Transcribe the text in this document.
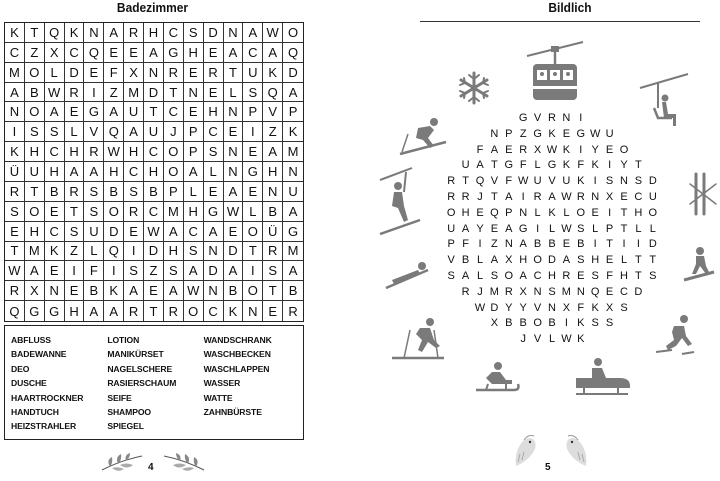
Badezimmer
K T Q K N A R H C S D N A W O
C Z X C Q E E A G H E A C A Q
M O L D E F X N R E R T U K D
A B W R	I	Z M D T N E L S Q A
N O A E G A U T C E H N P V P
I	S S L V Q A U J P C E	I	Z K
K H C H R W H C O P S N E A M
Ü U H A A H C H O A L N G H N
R T B R S B S B P L E A E N U
S O E T S O R C M H G W L B A
E H C S U D E W A C A E O Ü G
T M K Z L Q	I	D H S N D T R M
W A E	I	F	I	S Z S A D A	I	S A
R X N E B K A E A W N B O T B
Q G G H A A R T R O C K N E R
ABFLUSS
BADEWANNE
DEO
DUSCHE
HAARTROCKNER
HANDTUCH
HEIZSTRAHLER
LOTION
MANIKÜRSET
NAGELSCHERE
RASIERSCHAUM
SEIFE
SHAMPOO
SPIEGEL
WANDSCHRANK
WASCHBECKEN
WASCHLAPPEN
WASSER
WATTE
ZAHNBÜRSTE
4
Bildlich
G V R N I
N P Z G K E G W U
F A E R X W K I Y E O
U A T G F L G K F K I Y T
R T Q V F W U V U K I S N S D
R R J T A I R A W R N X E C U
O H E Q P N L K L O E I T H O
U A Y E A G I L W S L P T L L
P F I Z N A B B E B I T I	I D
V B L A X H O D A S H E L T T
S A L S O A C H R E S F H T S
R J M R X N S M N Q E C D
W D Y Y V N X F K X S
X B B O B I K S S
J V L W K
5
